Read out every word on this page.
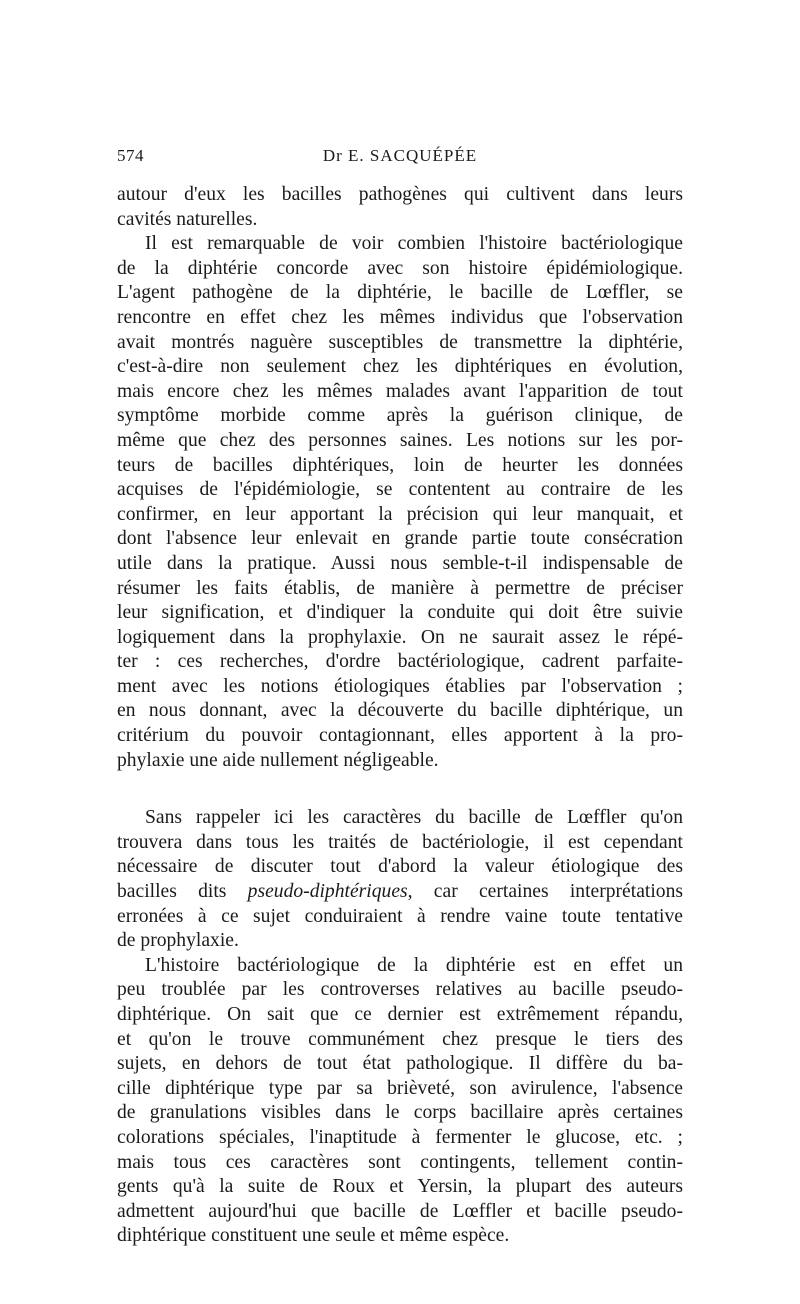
574	Dr E. SACQUÉPÉE
autour d'eux les bacilles pathogènes qui cultivent dans leurs
cavités naturelles.
Il est remarquable de voir combien l'histoire bactériologique
de la diphtérie concorde avec son histoire épidémiologique.
L'agent pathogène de la diphtérie, le bacille de Lœffler, se
rencontre en effet chez les mêmes individus que l'observation
avait montrés naguère susceptibles de transmettre la diphtérie,
c'est-à-dire non seulement chez les diphtériques en évolution,
mais encore chez les mêmes malades avant l'apparition de tout
symptôme morbide comme après la guérison clinique, de
même que chez des personnes saines. Les notions sur les por-
teurs de bacilles diphtériques, loin de heurter les données
acquises de l'épidémiologie, se contentent au contraire de les
confirmer, en leur apportant la précision qui leur manquait, et
dont l'absence leur enlevait en grande partie toute consécration
utile dans la pratique. Aussi nous semble-t-il indispensable de
résumer les faits établis, de manière à permettre de préciser
leur signification, et d'indiquer la conduite qui doit être suivie
logiquement dans la prophylaxie. On ne saurait assez le répé-
ter : ces recherches, d'ordre bactériologique, cadrent parfaite-
ment avec les notions étiologiques établies par l'observation ;
en nous donnant, avec la découverte du bacille diphtérique, un
critérium du pouvoir contagionnant, elles apportent à la pro-
phylaxie une aide nullement négligeable.
Sans rappeler ici les caractères du bacille de Lœffler qu'on
trouvera dans tous les traités de bactériologie, il est cependant
nécessaire de discuter tout d'abord la valeur étiologique des
bacilles dits pseudo-diphtériques, car certaines interprétations
erronées à ce sujet conduiraient à rendre vaine toute tentative
de prophylaxie.
L'histoire bactériologique de la diphtérie est en effet un
peu troublée par les controverses relatives au bacille pseudo-
diphtérique. On sait que ce dernier est extrêmement répandu,
et qu'on le trouve communément chez presque le tiers des
sujets, en dehors de tout état pathologique. Il diffère du ba-
cille diphtérique type par sa brièveté, son avirulence, l'absence
de granulations visibles dans le corps bacillaire après certaines
colorations spéciales, l'inaptitude à fermenter le glucose, etc. ;
mais tous ces caractères sont contingents, tellement contin-
gents qu'à la suite de Roux et Yersin, la plupart des auteurs
admettent aujourd'hui que bacille de Lœffler et bacille pseudo-
diphtérique constituent une seule et même espèce.
